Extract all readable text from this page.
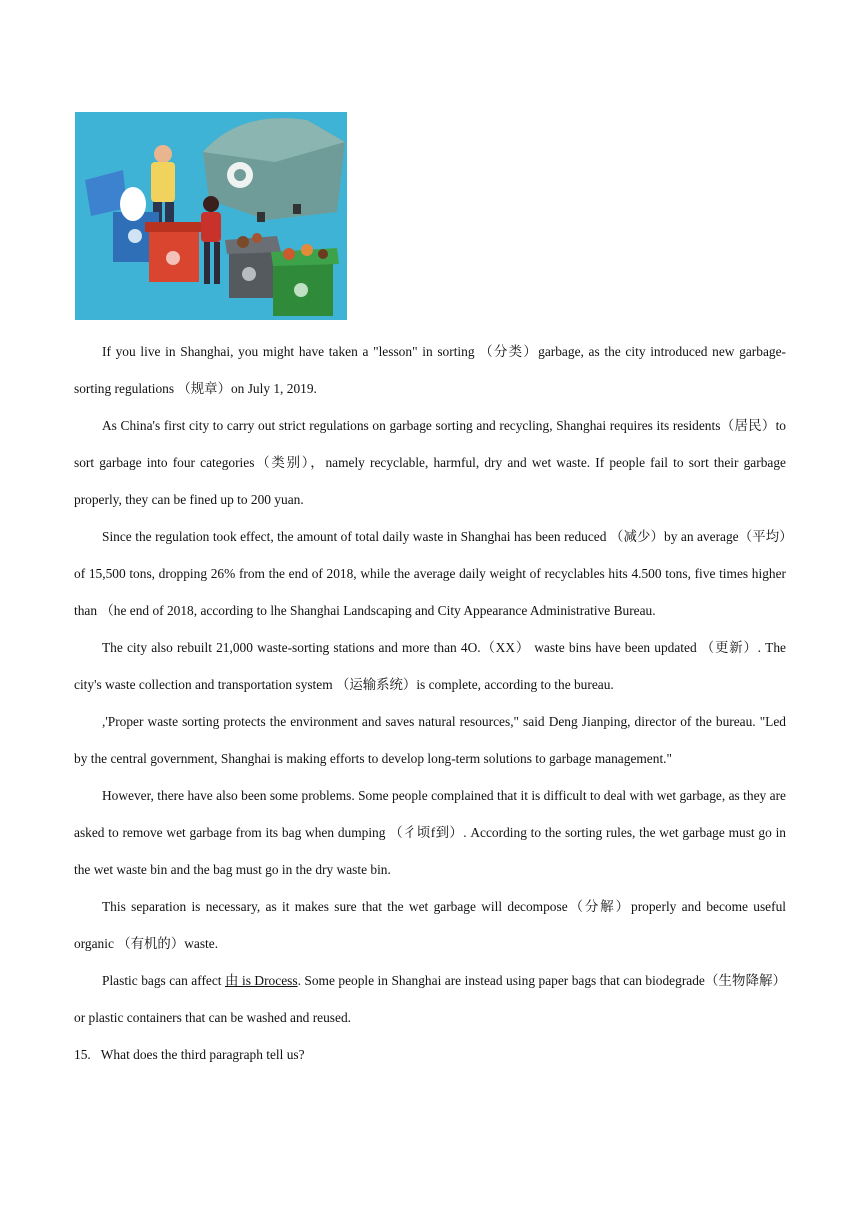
If you live in Shanghai, you might have taken a "lesson" in sorting （分类）garbage, as the city introduced new garbage-sorting regulations （规章）on July 1, 2019.

As China's first city to carry out strict regulations on garbage sorting and recycling, Shanghai requires its residents（居民）to sort garbage into four categories（类别），namely recyclable, harmful, dry and wet waste. If people fail to sort their garbage properly, they can be fined up to 200 yuan.

Since the regulation took effect, the amount of total daily waste in Shanghai has been reduced （减少）by an average（平均）of 15,500 tons, dropping 26% from the end of 2018, while the average daily weight of recyclables hits 4.500 tons, five times higher than （he end of 2018, according to lhe Shanghai Landscaping and City Appearance Administrative Bureau.

The city also rebuilt 21,000 waste-sorting stations and more than 4O.（XX） waste bins have been updated （更新）. The city's waste collection and transportation system （运输系统）is complete, according to the bureau.

,'Proper waste sorting protects the environment and saves natural resources," said Deng Jianping, director of the bureau. "Led by the central government, Shanghai is making efforts to develop long-term solutions to garbage management."

However, there have also been some problems. Some people complained that it is difficult to deal with wet garbage, as they are asked to remove wet garbage from its bag when dumping （彳顷f到）. According to the sorting rules, the wet garbage must go in the wet waste bin and the bag must go in the dry waste bin.

This separation is necessary, as it makes sure that the wet garbage will decompose（分解）properly and become useful organic （有机的）waste.

Plastic bags can affect 由 is Drocess. Some people in Shanghai are instead using paper bags that can biodegrade（生物降解）or plastic containers that can be washed and reused.

15. What does the third paragraph tell us?
